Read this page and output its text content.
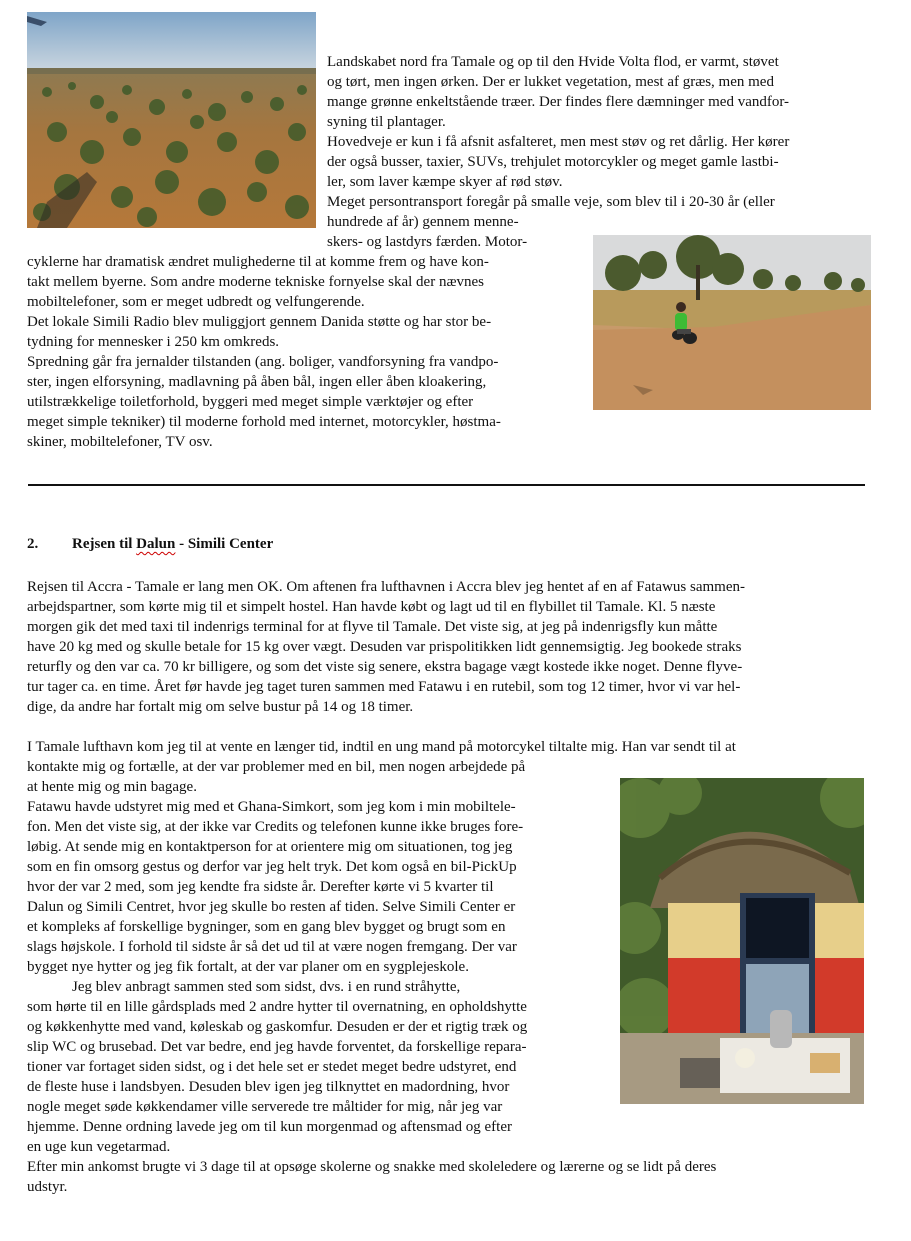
Landskabet nord fra Tamale og op til den Hvide Volta flod, er varmt, støvet
og tørt, men ingen ørken. Der er lukket vegetation, mest af græs, men med
mange grønne enkeltstående træer. Der findes flere dæmninger med vandfor-
syning til plantager.
Hovedveje er kun i få afsnit asfalteret, men mest støv og ret dårlig. Her kører
der også busser, taxier, SUVs, trehjulet motorcykler og meget gamle lastbi-
ler, som laver kæmpe skyer af rød støv.
Meget persontransport foregår på smalle veje, som blev til i 20-30 år (eller
hundrede af år) gennem menne-
skers- og lastdyrs færden. Motor-
cyklerne har dramatisk ændret mulighederne til at komme frem og have kon-
takt mellem byerne. Som andre moderne tekniske fornyelse skal der nævnes
mobiltelefoner, som er meget udbredt og velfungerende.
Det lokale Simili Radio blev muliggjort gennem Danida støtte og har stor be-
tydning for mennesker i 250 km omkreds.
Spredning går fra jernalder tilstanden (ang. boliger, vandforsyning fra vandpo-
ster, ingen elforsyning, madlavning på åben bål, ingen eller åben kloakering,
utilstrækkelige toiletforhold, byggeri med meget simple værktøjer og efter
meget simple tekniker) til moderne forhold med internet, motorcykler, høstma-
skiner, mobiltelefoner, TV osv.
2. Rejsen til Dalun - Simili Center
Rejsen til Accra - Tamale er lang men OK. Om aftenen fra lufthavnen i Accra blev jeg hentet af en af Fatawus sammen-
arbejdspartner, som kørte mig til et simpelt hostel. Han havde købt og lagt ud til en flybillet til Tamale. Kl. 5 næste
morgen gik det med taxi til indenrigs terminal for at flyve til Tamale. Det viste sig, at jeg på indenrigsfly kun måtte
have 20 kg med og skulle betale for 15 kg over vægt. Desuden var prispolitikken lidt gennemsigtig. Jeg bookede straks
returfly og den var ca. 70 kr billigere, og som det viste sig senere, ekstra bagage vægt kostede ikke noget. Denne flyve-
tur tager ca. en time. Året før havde jeg taget turen sammen med Fatawu i en rutebil, som tog 12 timer, hvor vi var hel-
dige, da andre har fortalt mig om selve bustur på 14 og 18 timer.
I Tamale lufthavn kom jeg til at vente en længer tid, indtil en ung mand på motorcykel tiltalte mig. Han var sendt til at
kontakte mig og fortælle, at der var problemer med en bil, men nogen arbejdede på
at hente mig og min bagage.
Fatawu havde udstyret mig med et Ghana-Simkort, som jeg kom i min mobiltele-
fon. Men det viste sig, at der ikke var Credits og telefonen kunne ikke bruges fore-
løbig. At sende mig en kontaktperson for at orientere mig om situationen, tog jeg
som en fin omsorg gestus og derfor var jeg helt tryk. Det kom også en bil-PickUp
hvor der var 2 med, som jeg kendte fra sidste år. Derefter kørte vi 5 kvarter til
Dalun og Simili Centret, hvor jeg skulle bo resten af tiden. Selve Simili Center er
et kompleks af forskellige bygninger, som en gang blev bygget og brugt som en
slags højskole. I forhold til sidste år så det ud til at være nogen fremgang. Der var
bygget nye hytter og jeg fik fortalt, at der var planer om en sygplejeskole.
Jeg blev anbragt sammen sted som sidst, dvs. i en rund stråhytte,
som hørte til en lille gårdsplads med 2 andre hytter til overnatning, en opholdshytte
og køkkenhytte med vand, køleskab og gaskomfur. Desuden er der et rigtig træk og
slip WC og brusebad. Det var bedre, end jeg havde forventet, da forskellige repara-
tioner var fortaget siden sidst, og i det hele set er stedet meget bedre udstyret, end
de fleste huse i landsbyen. Desuden blev igen jeg tilknyttet en madordning, hvor
nogle meget søde køkkendamer ville serverede tre måltider for mig, når jeg var
hjemme. Denne ordning lavede jeg om til kun morgenmad og aftensmad og efter
en uge kun vegetarmad.
Efter min ankomst brugte vi 3 dage til at opsøge skolerne og snakke med skoleledere og lærerne og se lidt på deres
udstyr.
